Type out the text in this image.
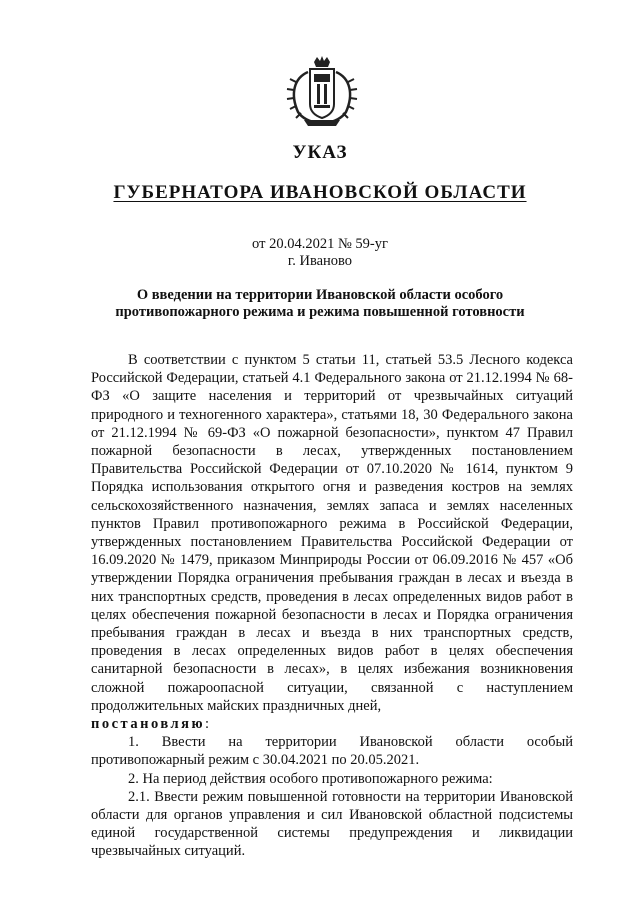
УКАЗ
ГУБЕРНАТОРА ИВАНОВСКОЙ ОБЛАСТИ
от 20.04.2021 № 59-уг
г. Иваново
О введении на территории Ивановской области особого
противопожарного режима и режима повышенной готовности

В соответствии с пунктом 5 статьи 11, статьей 53.5 Лесного кодекса Российской Федерации, статьей 4.1 Федерального закона от 21.12.1994 № 68-ФЗ «О защите населения и территорий от чрезвычайных ситуаций природного и техногенного характера», статьями 18, 30 Федерального закона от 21.12.1994 № 69-ФЗ «О пожарной безопасности», пунктом 47 Правил пожарной безопасности в лесах, утвержденных постановлением Правительства Российской Федерации от 07.10.2020 № 1614, пунктом 9 Порядка использования открытого огня и разведения костров на землях сельскохозяйственного назначения, землях запаса и землях населенных пунктов Правил противопожарного режима в Российской Федерации, утвержденных постановлением Правительства Российской Федерации от 16.09.2020 № 1479, приказом Минприроды России от 06.09.2016 № 457 «Об утверждении Порядка ограничения пребывания граждан в лесах и въезда в них транспортных средств, проведения в лесах определенных видов работ в целях обеспечения пожарной безопасности в лесах и Порядка ограничения пребывания граждан в лесах и въезда в них транспортных средств, проведения в лесах определенных видов работ в целях обеспечения санитарной безопасности в лесах», в целях избежания возникновения сложной пожароопасной ситуации, связанной с наступлением продолжительных майских праздничных дней,

постановляю:

1. Ввести на территории Ивановской области особый противопожарный режим с 30.04.2021 по 20.05.2021.

2. На период действия особого противопожарного режима:

2.1. Ввести режим повышенной готовности на территории Ивановской области для органов управления и сил Ивановской областной подсистемы единой государственной системы предупреждения и ликвидации чрезвычайных ситуаций.
